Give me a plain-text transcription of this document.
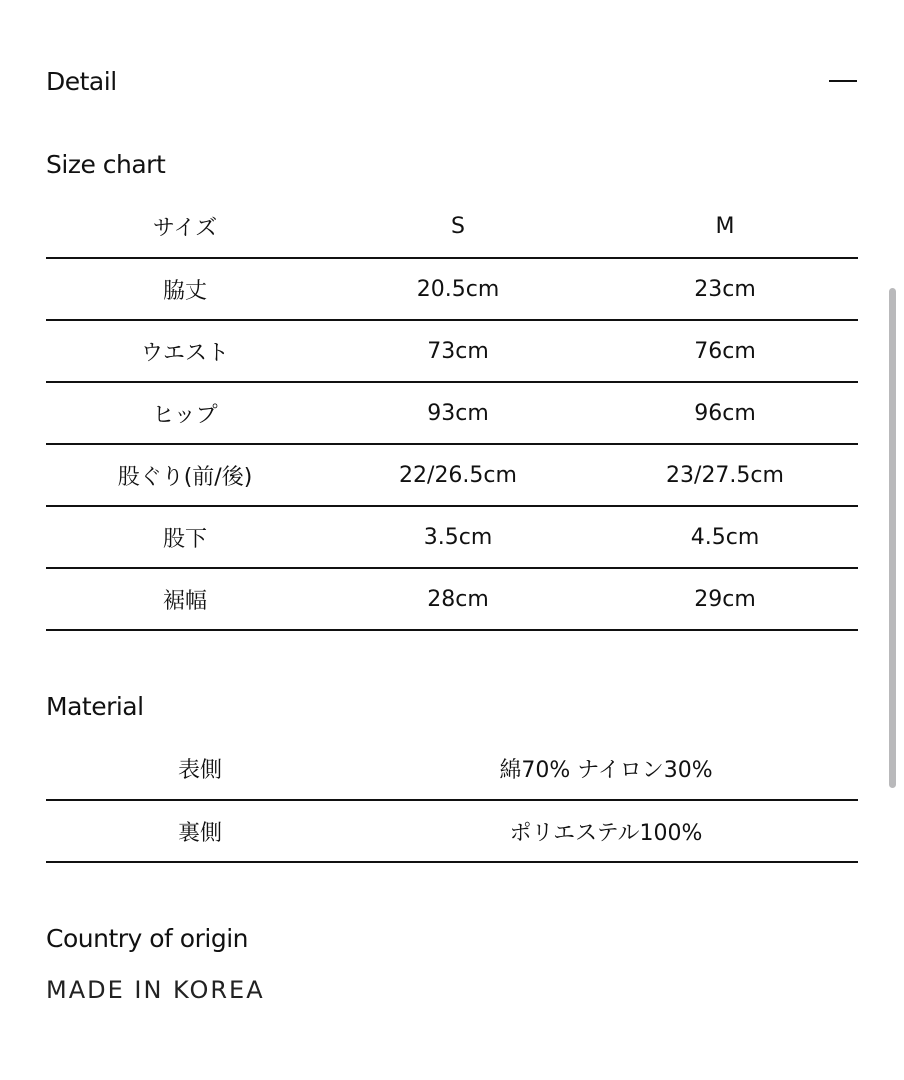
Detail
Size chart
サイズ	S	M
脇丈	20.5cm	23cm
ウエスト	73cm	76cm
ヒップ	93cm	96cm
股ぐり(前/後)	22/26.5cm	23/27.5cm
股下	3.5cm	4.5cm
裾幅	28cm	29cm
Material
表側	綿70% ナイロン30%
裏側	ポリエステル100%
Country of origin
MADE IN KOREA
